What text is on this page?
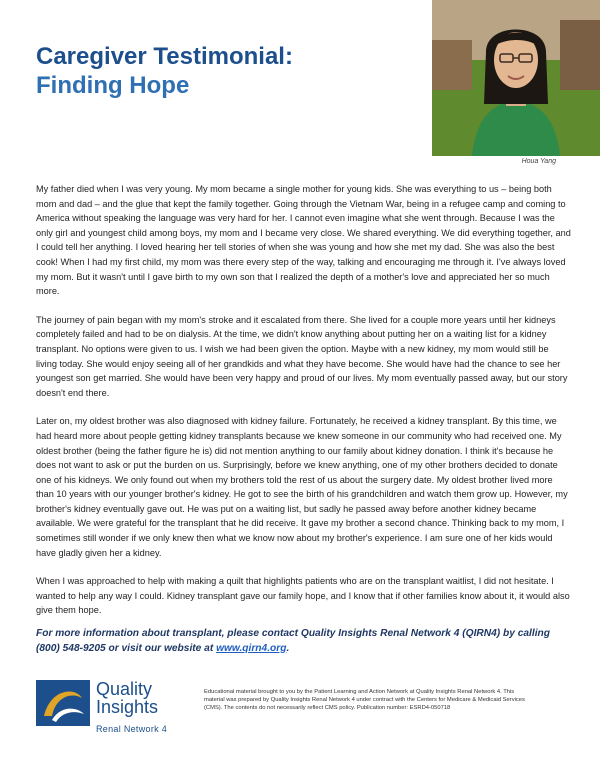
Caregiver Testimonial:
Finding Hope

Houa Yang

My father died when I was very young. My mom became a single mother for young kids. She was everything to us – being both mom and dad – and the glue that kept the family together. Going through the Vietnam War, being in a refugee camp and coming to America without speaking the language was very hard for her. I cannot even imagine what she went through. Because I was the only girl and youngest child among boys, my mom and I became very close. We shared everything. We did everything together, and I could tell her anything. I loved hearing her tell stories of when she was young and how she met my dad. She was also the best cook! When I had my first child, my mom was there every step of the way, talking and encouraging me through it. I've always loved my mom. But it wasn't until I gave birth to my own son that I realized the depth of a mother's love and appreciated her so much more.

The journey of pain began with my mom's stroke and it escalated from there. She lived for a couple more years until her kidneys completely failed and had to be on dialysis. At the time, we didn't know anything about putting her on a waiting list for a kidney transplant. No options were given to us. I wish we had been given the option. Maybe with a new kidney, my mom would still be living today. She would enjoy seeing all of her grandkids and what they have become. She would have had the chance to see her youngest son get married. She would have been very happy and proud of our lives. My mom eventually passed away, but our story doesn't end there.

Later on, my oldest brother was also diagnosed with kidney failure. Fortunately, he received a kidney transplant. By this time, we had heard more about people getting kidney transplants because we knew someone in our community who had received one. My oldest brother (being the father figure he is) did not mention anything to our family about kidney donation. I think it's because he does not want to ask or put the burden on us. Surprisingly, before we knew anything, one of my other brothers decided to donate one of his kidneys. We only found out when my brothers told the rest of us about the surgery date. My oldest brother lived more than 10 years with our younger brother's kidney. He got to see the birth of his grandchildren and watch them grow up. However, my brother's kidney eventually gave out. He was put on a waiting list, but sadly he passed away before another kidney became available. We were grateful for the transplant that he did receive. It gave my brother a second chance. Thinking back to my mom, I sometimes still wonder if we only knew then what we know now about my brother's experience. I am sure one of her kids would have gladly given her a kidney.

When I was approached to help with making a quilt that highlights patients who are on the transplant waitlist, I did not hesitate. I wanted to help any way I could. Kidney transplant gave our family hope, and I know that if other families know about it, it would also give them hope.

For more information about transplant, please contact Quality Insights Renal Network 4 (QIRN4) by calling (800) 548-9205 or visit our website at www.qirn4.org.

Quality
Insights

Renal Network 4

Educational material brought to you by the Patient Learning and Action Network at Quality Insights Renal Network 4. This material was prepared by Quality Insights Renal Network 4 under contract with the Centers for Medicare & Medicaid Services (CMS). The contents do not necessarily reflect CMS policy. Publication number: ESRD4-050718
